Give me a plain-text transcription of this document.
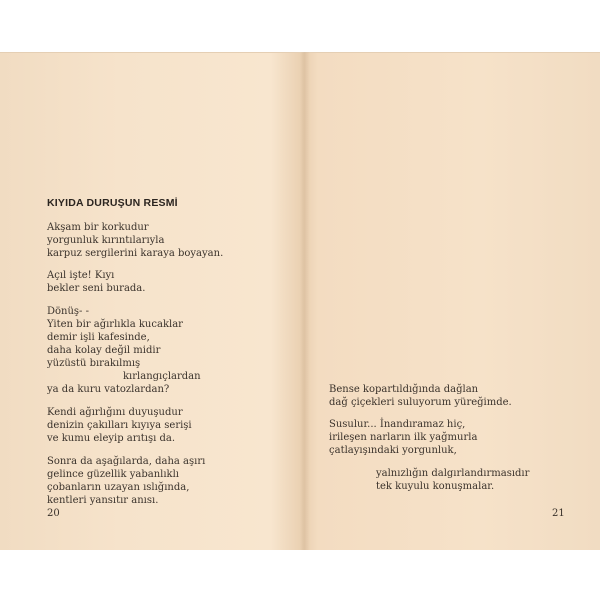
KIYIDA DURUŞUN RESMİ
Akşam bir korkudur
yorgunluk kırıntılarıyla
karpuz sergilerini karaya boyayan.
Açıl işte! Kıyı
bekler seni burada.
Dönüş- -
Yiten bir ağırlıkla kucaklar
demir işli kafesinde,
daha kolay değil midir
yüzüstü bırakılmış
kırlangıçlardan
ya da kuru vatozlardan?
Kendi ağırlığını duyuşudur
denizin çakılları kıyıya serişi
ve kumu eleyip arıtışı da.
Sonra da aşağılarda, daha aşırı
gelince güzellik yabanlıklı
çobanların uzayan ıslığında,
kentleri yansıtır anısı.
20
Bense kopartıldığında dağlan
dağ çiçekleri suluyorum yüreğimde.
Susulur... İnandıramaz hiç,
irileşen narların ilk yağmurla
çatlayışındaki yorgunluk,
yalnızlığın dalgırlandırmasıdır
tek kuyulu konuşmalar.
21
